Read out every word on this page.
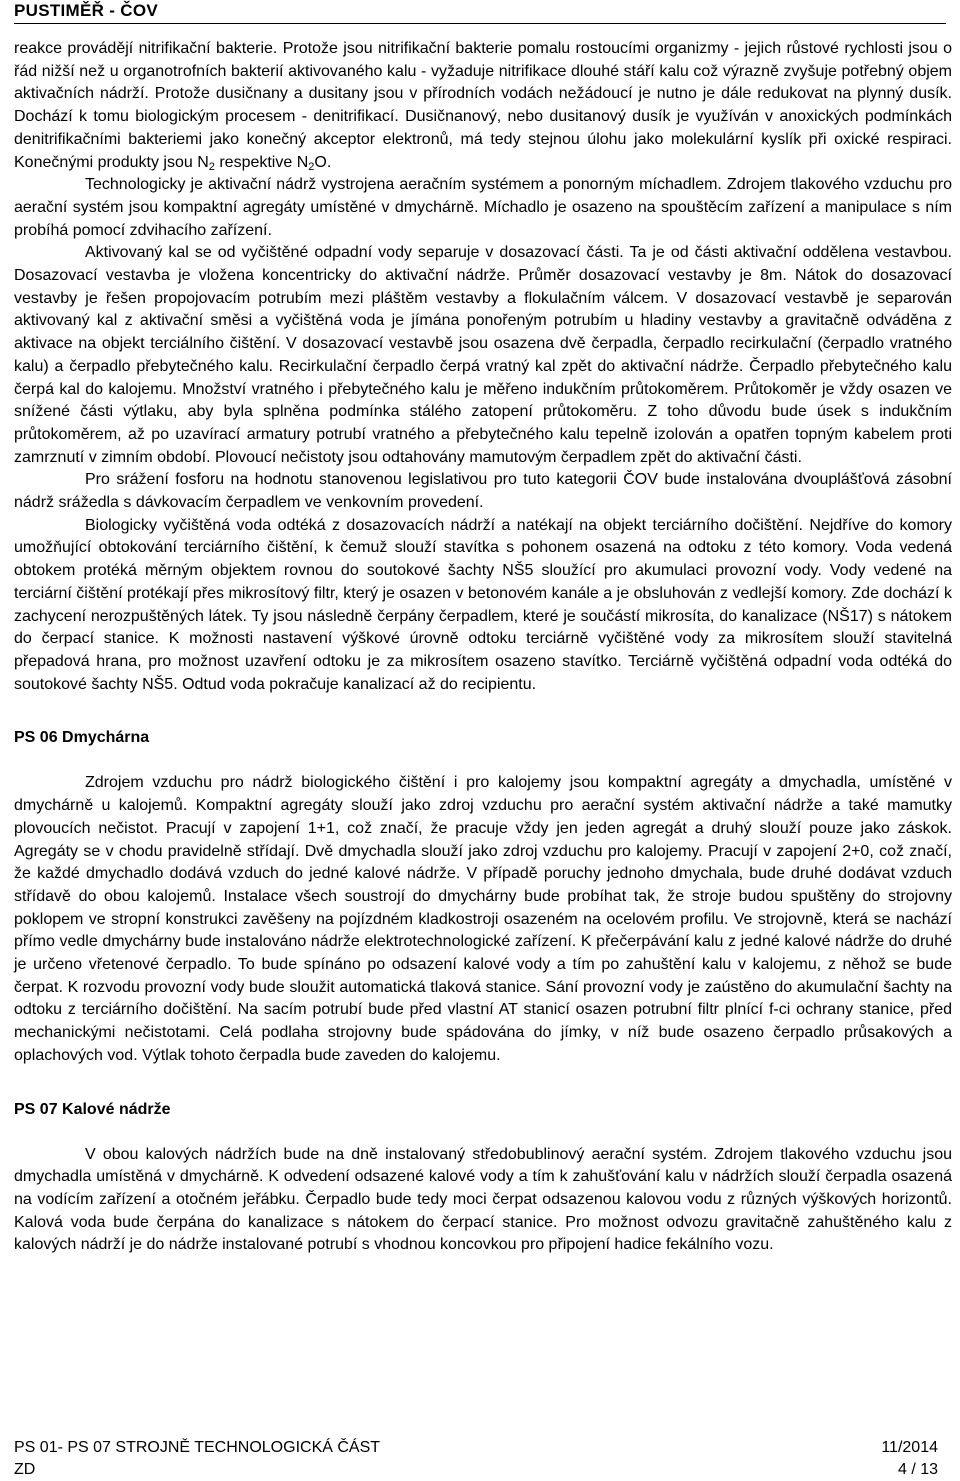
PUSTIMĚŘ - ČOV

reakce provádějí nitrifikační bakterie. Protože jsou nitrifikační bakterie pomalu rostoucími organizmy - jejich růstové rychlosti jsou o řád nižší než u organotrofních bakterií aktivovaného kalu - vyžaduje nitrifikace dlouhé stáří kalu což výrazně zvyšuje potřebný objem aktivačních nádrží. Protože dusičnany a dusitany jsou v přírodních vodách nežádoucí je nutno je dále redukovat na plynný dusík. Dochází k tomu biologickým procesem - denitrifikací. Dusičnanový, nebo dusitanový dusík je využíván v anoxických podmínkách denitrifikačními bakteriemi jako konečný akceptor elektronů, má tedy stejnou úlohu jako molekulární kyslík při oxické respiraci. Konečnými produkty jsou $N_2$ respektive $N_2O$.

Technologicky je aktivační nádrž vystrojena aeračním systémem a ponorným míchadlem. Zdrojem tlakového vzduchu pro aerační systém jsou kompaktní agregáty umístěné v dmychárně. Míchadlo je osazeno na spouštěcím zařízení a manipulace s ním probíhá pomocí zdvihacího zařízení.

Aktivovaný kal se od vyčištěné odpadní vody separuje v dosazovací části. Ta je od části aktivační oddělena vestavbou. Dosazovací vestavba je vložena koncentricky do aktivační nádrže. Průměr dosazovací vestavby je 8m. Nátok do dosazovací vestavby je řešen propojovacím potrubím mezi pláštěm vestavby a flokulačním válcem. V dosazovací vestavbě je separován aktivovaný kal z aktivační směsi a vyčištěná voda je jímána ponořeným potrubím u hladiny vestavby a gravitačně odváděna z aktivace na objekt terciálního čištění. V dosazovací vestavbě jsou osazena dvě čerpadla, čerpadlo recirkulační (čerpadlo vratného kalu) a čerpadlo přebytečného kalu. Recirkulační čerpadlo čerpá vratný kal zpět do aktivační nádrže. Čerpadlo přebytečného kalu čerpá kal do kalojemu. Množství vratného i přebytečného kalu je měřeno indukčním průtokoměrem. Průtokoměr je vždy osazen ve snížené části výtlaku, aby byla splněna podmínka stálého zatopení průtokoměru. Z toho důvodu bude úsek s indukčním průtokoměrem, až po uzavírací armatury potrubí vratného a přebytečného kalu tepelně izolován a opatřen topným kabelem proti zamrznutí v zimním období. Plovoucí nečistoty jsou odtahovány mamutovým čerpadlem zpět do aktivační části.

Pro srážení fosforu na hodnotu stanovenou legislativou pro tuto kategorii ČOV bude instalována dvouplášťová zásobní nádrž srážedla s dávkovacím čerpadlem ve venkovním provedení.

Biologicky vyčištěná voda odtéká z dosazovacích nádrží a natékají na objekt terciárního dočištění. Nejdříve do komory umožňující obtokování terciárního čištění, k čemuž slouží stavítka s pohonem osazená na odtoku z této komory. Voda vedená obtokem protéká měrným objektem rovnou do soutokové šachty NŠ5 sloužící pro akumulaci provozní vody. Vody vedené na terciární čištění protékají přes mikrosítový filtr, který je osazen v betonovém kanále a je obsluhován z vedlejší komory. Zde dochází k zachycení nerozpuštěných látek. Ty jsou následně čerpány čerpadlem, které je součástí mikrosíta, do kanalizace (NŠ17) s nátokem do čerpací stanice. K možnosti nastavení výškové úrovně odtoku terciárně vyčištěné vody za mikrosítem slouží stavitelná přepadová hrana, pro možnost uzavření odtoku je za mikrosítem osazeno stavítko. Terciárně vyčištěná odpadní voda odtéká do soutokové šachty NŠ5. Odtud voda pokračuje kanalizací až do recipientu.

PS 06 Dmychárna

Zdrojem vzduchu pro nádrž biologického čištění i pro kalojemy jsou kompaktní agregáty a dmychadla, umístěné v dmychárně u kalojemů. Kompaktní agregáty slouží jako zdroj vzduchu pro aerační systém aktivační nádrže a také mamutky plovoucích nečistot. Pracují v zapojení 1+1, což značí, že pracuje vždy jen jeden agregát a druhý slouží pouze jako záskok. Agregáty se v chodu pravidelně střídají. Dvě dmychadla slouží jako zdroj vzduchu pro kalojemy. Pracují v zapojení 2+0, což značí, že každé dmychadlo dodává vzduch do jedné kalové nádrže. V případě poruchy jednoho dmychala, bude druhé dodávat vzduch střídavě do obou kalojemů. Instalace všech soustrojí do dmychárny bude probíhat tak, že stroje budou spuštěny do strojovny poklopem ve stropní konstrukci zavěšeny na pojízdném kladkostroji osazeném na ocelovém profilu. Ve strojovně, která se nachází přímo vedle dmychárny bude instalováno nádrže elektrotechnologické zařízení. K přečerpávání kalu z jedné kalové nádrže do druhé je určeno vřetenové čerpadlo. To bude spínáno po odsazení kalové vody a tím po zahuštění kalu v kalojemu, z něhož se bude čerpat. K rozvodu provozní vody bude sloužit automatická tlaková stanice. Sání provozní vody je zaústěno do akumulační šachty na odtoku z terciárního dočištění. Na sacím potrubí bude před vlastní AT stanicí osazen potrubní filtr plnící f-ci ochrany stanice, před mechanickými nečistotami. Celá podlaha strojovny bude spádována do jímky, v níž bude osazeno čerpadlo průsakových a oplachových vod. Výtlak tohoto čerpadla bude zaveden do kalojemu.

PS 07 Kalové nádrže

V obou kalových nádržích bude na dně instalovaný středobublinový aerační systém. Zdrojem tlakového vzduchu jsou dmychadla umístěná v dmychárně. K odvedení odsazené kalové vody a tím k zahušťování kalu v nádržích slouží čerpadla osazená na vodícím zařízení a otočném jeřábku. Čerpadlo bude tedy moci čerpat odsazenou kalovou vodu z různých výškových horizontů. Kalová voda bude čerpána do kanalizace s nátokem do čerpací stanice. Pro možnost odvozu gravitačně zahuštěného kalu z kalových nádrží je do nádrže instalované potrubí s vhodnou koncovkou pro připojení hadice fekálního vozu.

PS 01- PS 07 STROJNĚ TECHNOLOGICKÁ ČÁST
ZD
11/2014
4 / 13
